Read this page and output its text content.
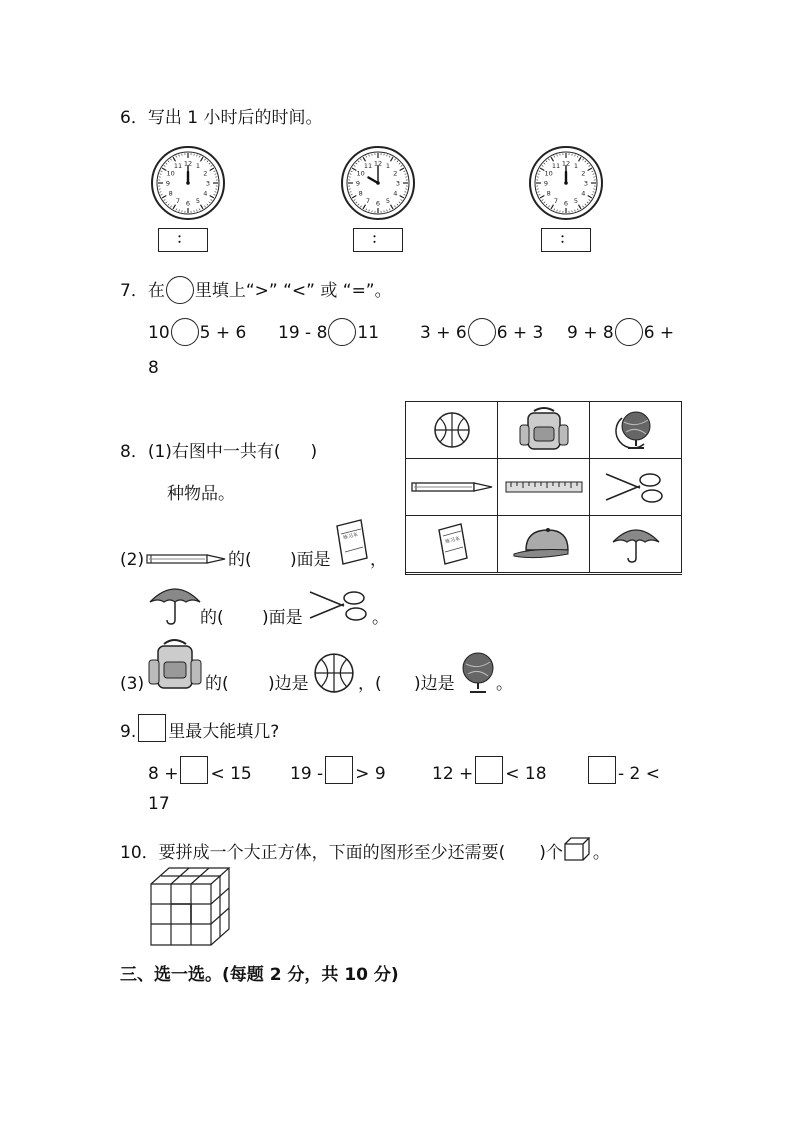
6．写出 1 小时后的时间。
1
2
3
4
5
6
7
8
9
10
11 12	1
2
3
4
5
6
7
8
9
10
11 12	1
2
3
4
5
6
7
8
9
10
11 12
：	：	：
7．在 里填上“>” “<” 或 “=”。
10 5 + 6 19 - 8 11 3 + 6 6 + 3 9 + 8 6 +
8
练习本
8．(1)右图中一共有( )
种物品。
(2)	的( )面是
练习本
，
的( )面是	。
(3)	的( )边是	，( )边是 。
9. 里最大能填几?
8 + < 15 19 - > 9	12 + < 18	- 2 <
17
10．要拼成一个大正方体，下面的图形至少还需要( )个 。
三、选一选。(每题 2 分，共 10 分)
